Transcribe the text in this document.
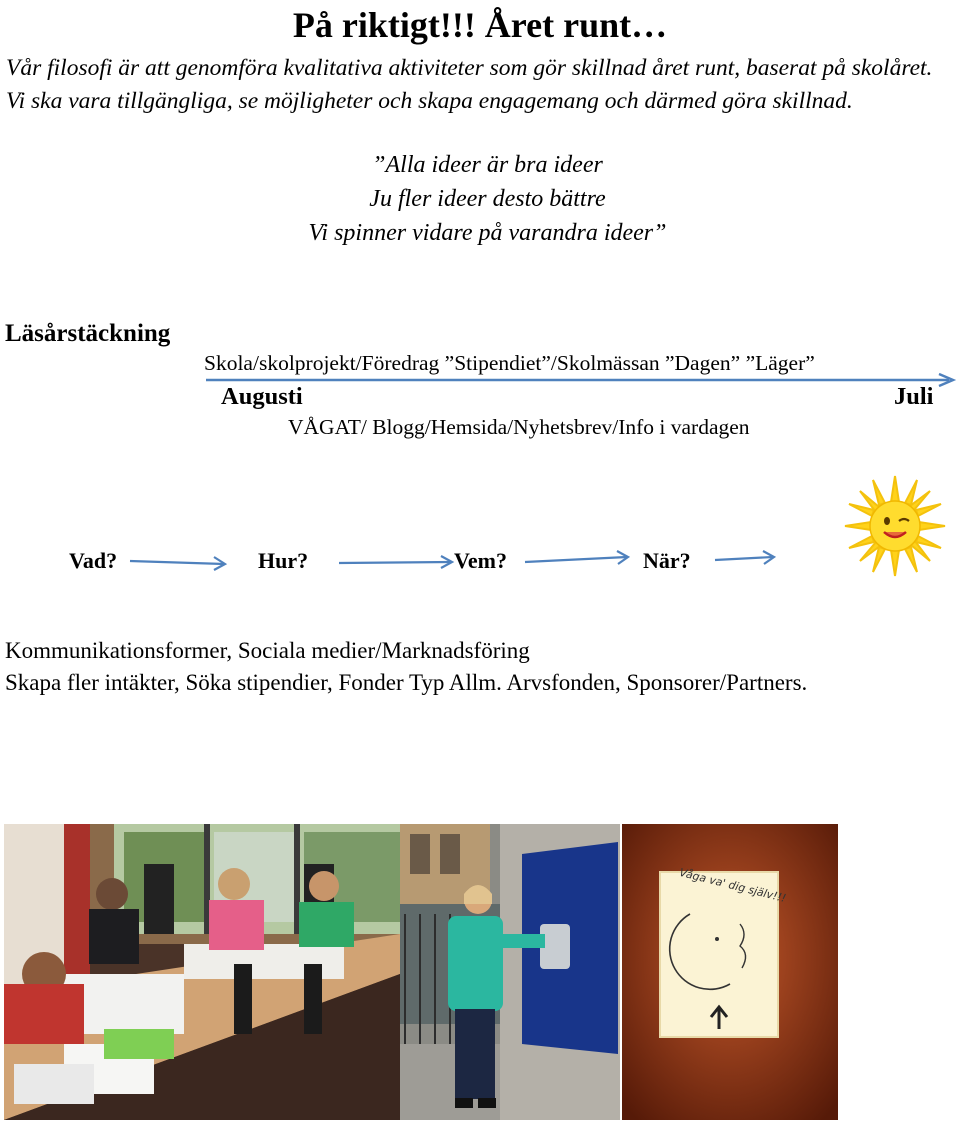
På riktigt!!! Året runt…
Vår filosofi är att genomföra kvalitativa aktiviteter som gör skillnad året runt, baserat på skolåret. Vi ska vara tillgängliga, se möjligheter och skapa engagemang och därmed göra skillnad.
”Alla ideer är bra ideer
Ju fler ideer desto bättre
Vi spinner vidare på varandra ideer”
Läsårstäckning
Skola/skolprojekt/Föredrag ”Stipendiet”/Skolmässan ”Dagen” ”Läger”
Augusti	Juli
VÅGAT/ Blogg/Hemsida/Nyhetsbrev/Info i vardagen
Vad?	Hur?	Vem?	När?
Kommunikationsformer, Sociala medier/Marknadsföring
Skapa fler intäkter, Söka stipendier, Fonder Typ Allm. Arvsfonden, Sponsorer/Partners.
Våga va' dig själv!!!
